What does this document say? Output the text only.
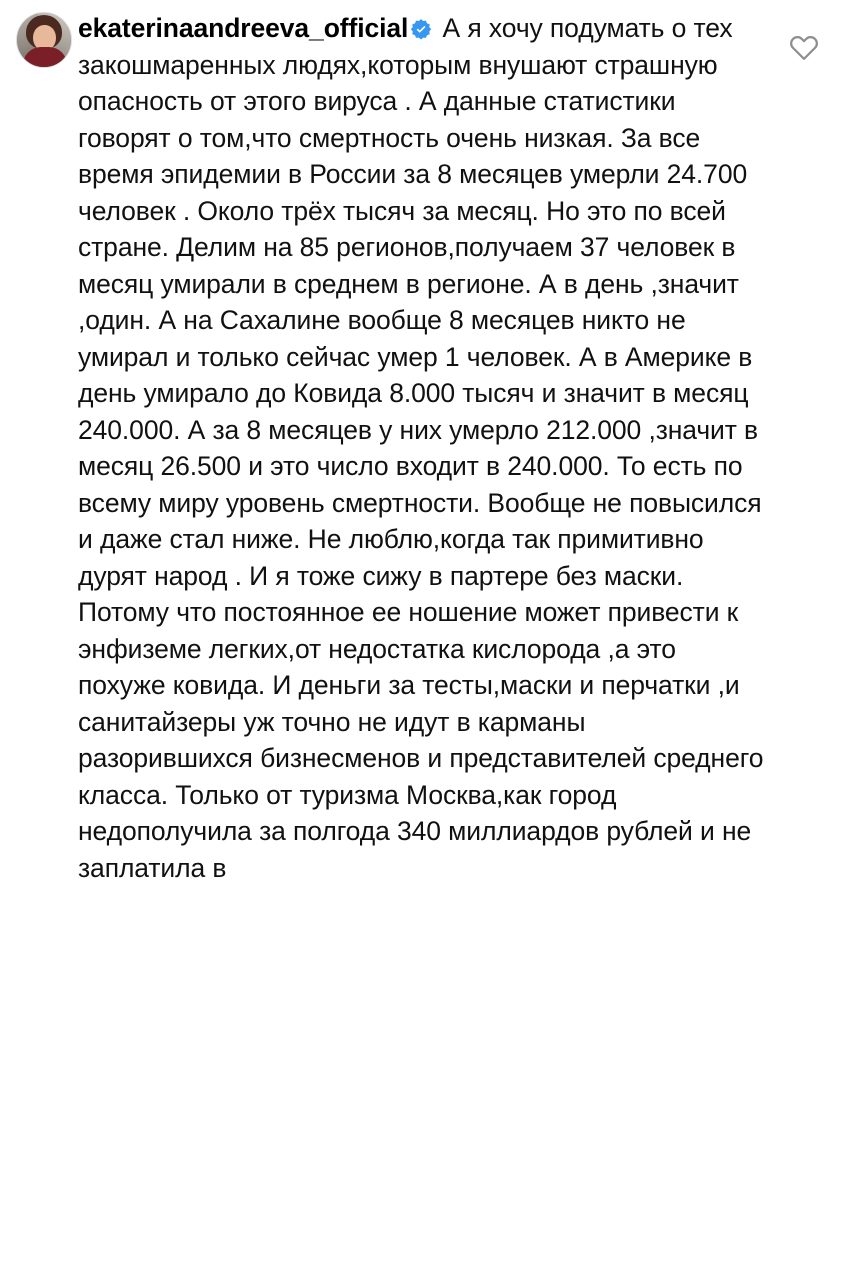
ekaterinaandreeva_official А я хочу подумать о тех закошмаренных людях,которым внушают страшную опасность от этого вируса . А данные статистики говорят о том,что смертность очень низкая. За все время эпидемии в России за 8 месяцев умерли 24.700 человек . Около трёх тысяч за месяц. Но это по всей стране. Делим на 85 регионов,получаем 37 человек в месяц умирали в среднем в регионе. А в день ,значит ,один. А на Сахалине вообще 8 месяцев никто не умирал и только сейчас умер 1 человек. А в Америке в день умирало до Ковида 8.000 тысяч и значит в месяц 240.000. А за 8 месяцев у них умерло 212.000 ,значит в месяц 26.500 и это число входит в 240.000. То есть по всему миру уровень смертности. Вообще не повысился и даже стал ниже. Не люблю,когда так примитивно дурят народ . И я тоже сижу в партере без маски. Потому что постоянное ее ношение может привести к энфиземе легких,от недостатка кислорода ,а это похуже ковида. И деньги за тесты,маски и перчатки ,и санитайзеры уж точно не идут в карманы разорившихся бизнесменов и представителей среднего класса. Только от туризма Москва,как город недополучила за полгода 340 миллиардов рублей и не заплатила в
